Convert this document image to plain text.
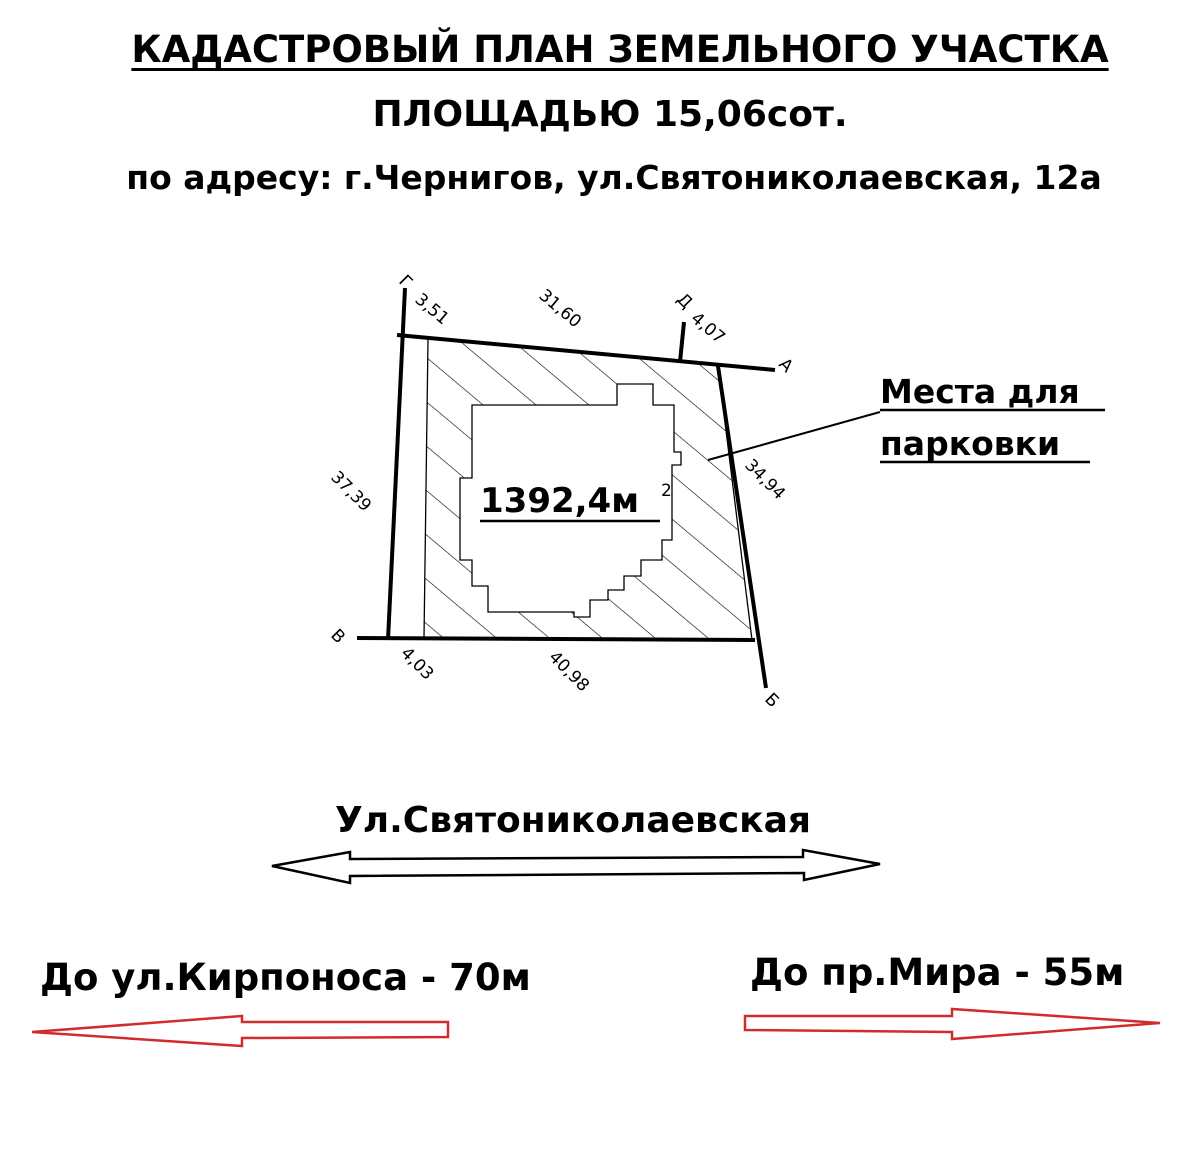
КАДАСТРОВЫЙ ПЛАН ЗЕМЕЛЬНОГО УЧАСТКА
ПЛОЩАДЬЮ 15,06сот.
по адресу: г.Чернигов, ул.Святониколаевская, 12а
Г
Д
А
В
Б
3,51	31,60	4,07
34,94
37,39
4,03	40,98
1392,4м 2
Места для
парковки
Ул.Святониколаевская
До ул.Кирпоноса - 70м	До пр.Мира - 55м
